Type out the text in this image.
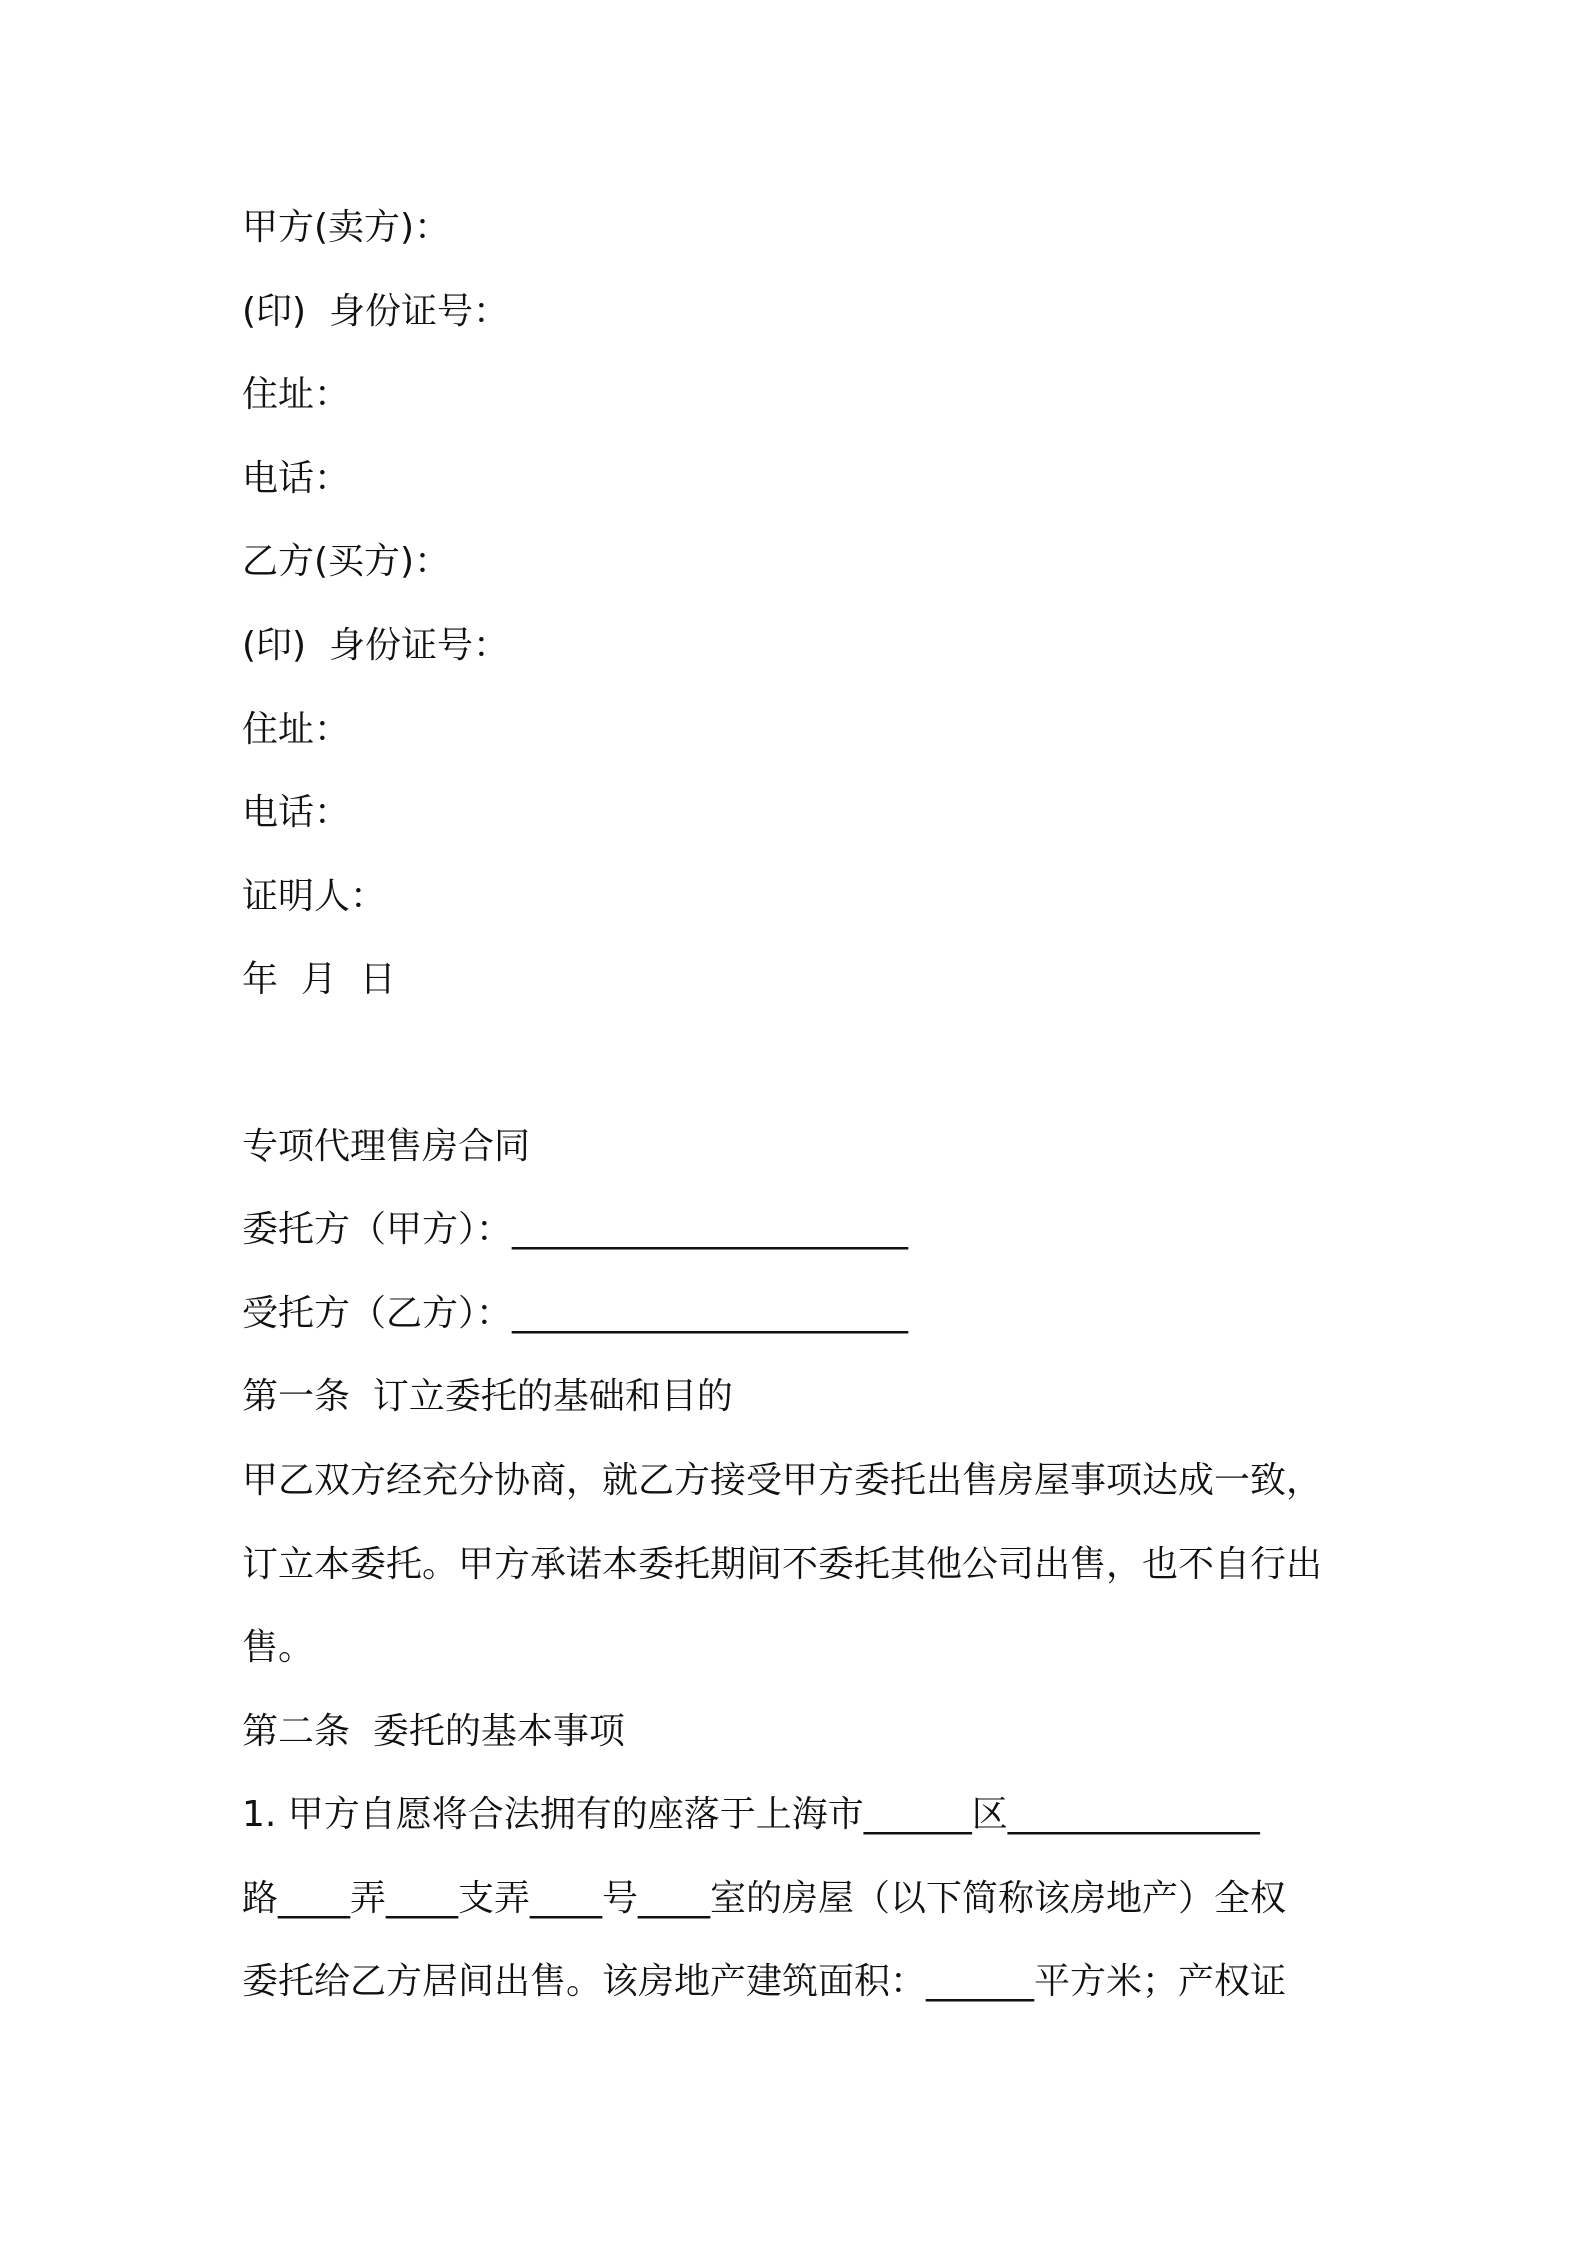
甲方(卖方)：
(印)  身份证号：
住址：
电话：
乙方(买方)：
(印)  身份证号：
住址：
电话：
证明人：
年  月  日
专项代理售房合同
委托方（甲方）：______________________
受托方（乙方）：______________________
第一条  订立委托的基础和目的
甲乙双方经充分协商，就乙方接受甲方委托出售房屋事项达成一致，
订立本委托。甲方承诺本委托期间不委托其他公司出售，也不自行出
售。
第二条  委托的基本事项
1. 甲方自愿将合法拥有的座落于上海市______区______________
路____弄____支弄____号____室的房屋（以下简称该房地产）全权
委托给乙方居间出售。该房地产建筑面积：______平方米；产权证
